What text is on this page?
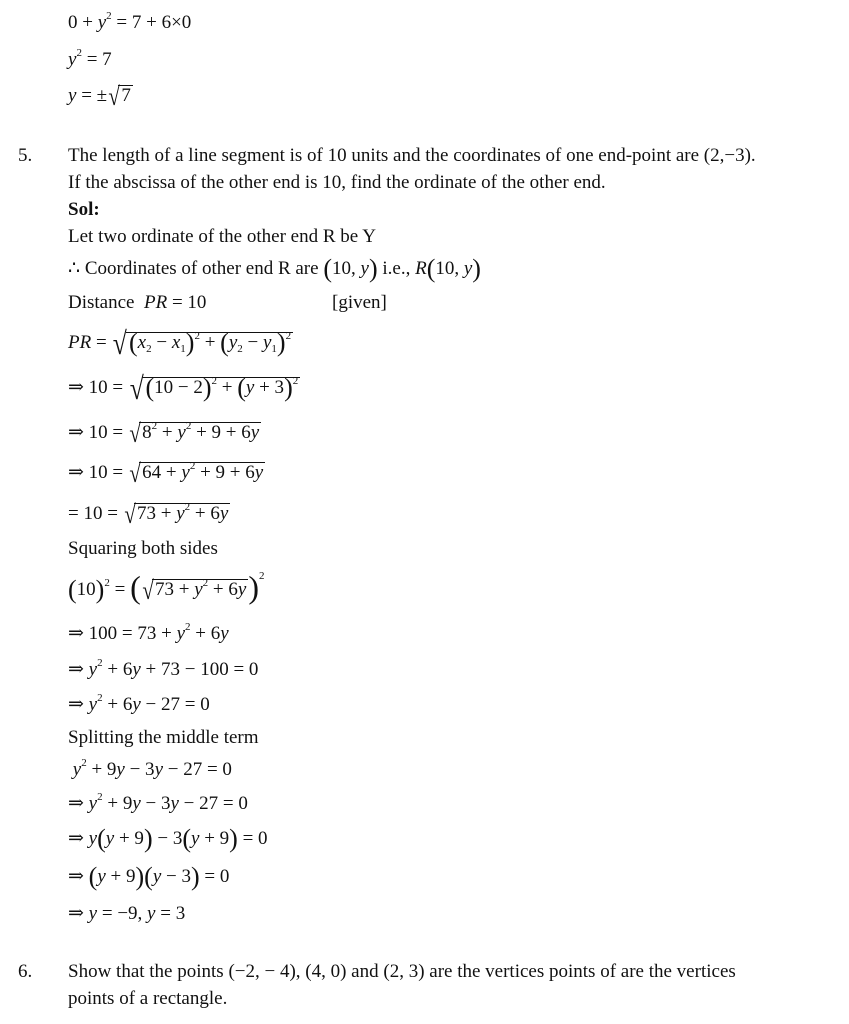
$0 + y^2 = 7 + 6\times 0$
$y^2 = 7$
y = ±√7
5. The length of a line segment is of 10 units and the coordinates of one end-point are (2,−3).
If the abscissa of the other end is 10, find the ordinate of the other end.
Sol:
Let two ordinate of the other end R be Y
∴ Coordinates of other end R are (10, y) i.e., R(10, y)
Distance  PR = 10	[given]
PR = $√(x_2 - x_1)^2 + (y_2 - y_1)^2$
⇒ $10 = √(10 - 2)^2 + (y + 3)^2$
⇒ $10 = √8^2 + y^2 + 9 + 6y$
⇒ $10 = √64 + y^2 + 9 + 6y$
= $10 = √73 + y^2 + 6y$
Squaring both sides
$(10)^2 = (√73 + y^2 + 6y)^2$
⇒ $100 = 73 + y^2 + 6y$
⇒ $y^2 + 6y + 73 - 100 = 0$
⇒ $y^2 + 6y - 27 = 0$
Splitting the middle term
$y^2 + 9y - 3y - 27 = 0$
⇒ $y^2 + 9y - 3y - 27 = 0$
⇒ y(y + 9) − 3(y + 9) = 0
⇒ (y + 9)(y − 3) = 0
⇒ y = −9, y = 3
6. Show that the points (−2, − 4), (4, 0) and (2, 3) are the vertices points of are the vertices
points of a rectangle.
